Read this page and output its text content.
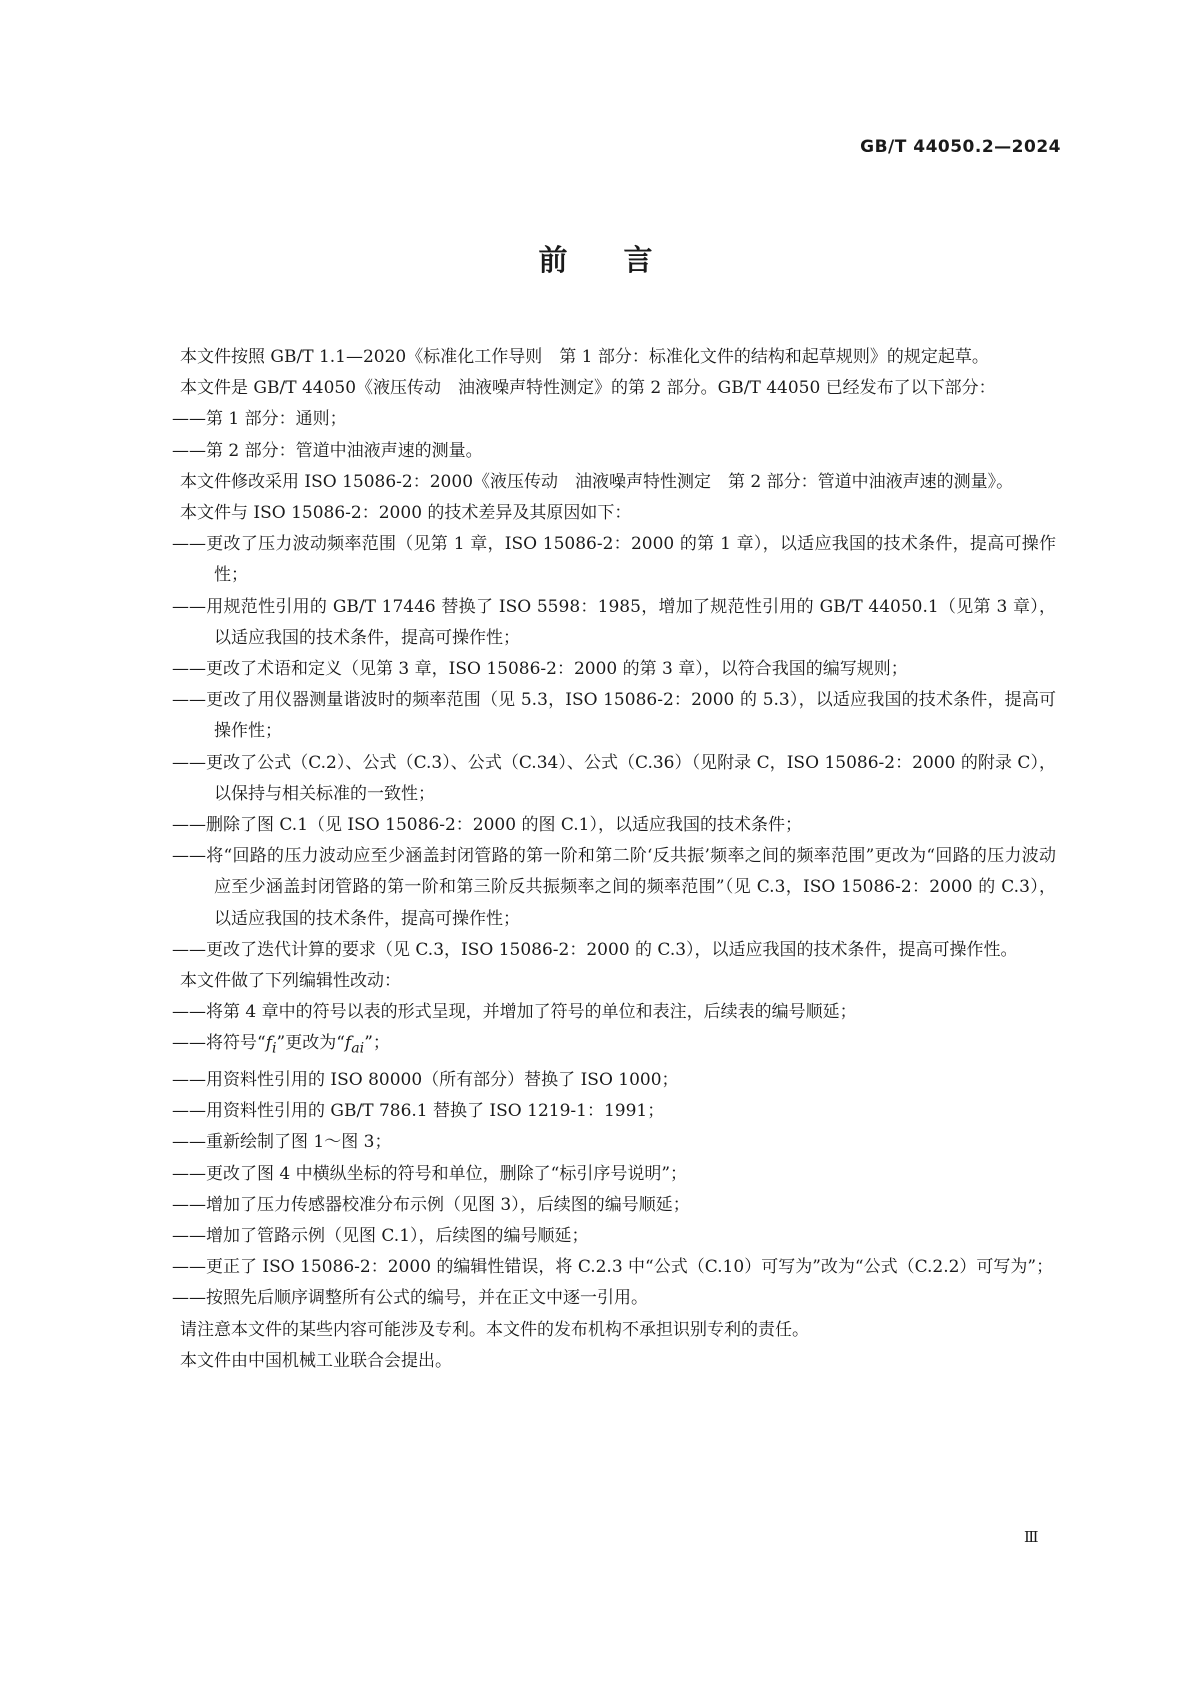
GB/T 44050.2—2024
前言

本文件按照 GB/T 1.1—2020《标准化工作导则　第 1 部分：标准化文件的结构和起草规则》的规定起草。

本文件是 GB/T 44050《液压传动　油液噪声特性测定》的第 2 部分。GB/T 44050 已经发布了以下部分：

——第 1 部分：通则；

——第 2 部分：管道中油液声速的测量。

本文件修改采用 ISO 15086-2：2000《液压传动　油液噪声特性测定　第 2 部分：管道中油液声速的测量》。

本文件与 ISO 15086-2：2000 的技术差异及其原因如下：

——更改了压力波动频率范围（见第 1 章，ISO 15086-2：2000 的第 1 章），以适应我国的技术条件，提高可操作性；

——用规范性引用的 GB/T 17446 替换了 ISO 5598：1985，增加了规范性引用的 GB/T 44050.1（见第 3 章），以适应我国的技术条件，提高可操作性；

——更改了术语和定义（见第 3 章，ISO 15086-2：2000 的第 3 章），以符合我国的编写规则；

——更改了用仪器测量谐波时的频率范围（见 5.3，ISO 15086-2：2000 的 5.3），以适应我国的技术条件，提高可操作性；

——更改了公式（C.2）、公式（C.3）、公式（C.34）、公式（C.36）（见附录 C，ISO 15086-2：2000 的附录 C），以保持与相关标准的一致性；

——删除了图 C.1（见 ISO 15086-2：2000 的图 C.1），以适应我国的技术条件；

——将“回路的压力波动应至少涵盖封闭管路的第一阶和第二阶‘反共振’频率之间的频率范围”更改为“回路的压力波动应至少涵盖封闭管路的第一阶和第三阶反共振频率之间的频率范围”（见 C.3，ISO 15086-2：2000 的 C.3），以适应我国的技术条件，提高可操作性；

——更改了迭代计算的要求（见 C.3，ISO 15086-2：2000 的 C.3），以适应我国的技术条件，提高可操作性。

本文件做了下列编辑性改动：

——将第 4 章中的符号以表的形式呈现，并增加了符号的单位和表注，后续表的编号顺延；

——将符号“$f_i$”更改为“$f_{ai}$”；

——用资料性引用的 ISO 80000（所有部分）替换了 ISO 1000；

——用资料性引用的 GB/T 786.1 替换了 ISO 1219-1：1991；

——重新绘制了图 1～图 3；

——更改了图 4 中横纵坐标的符号和单位，删除了“标引序号说明”；

——增加了压力传感器校准分布示例（见图 3），后续图的编号顺延；

——增加了管路示例（见图 C.1），后续图的编号顺延；

——更正了 ISO 15086-2：2000 的编辑性错误，将 C.2.3 中“公式（C.10）可写为”改为“公式（C.2.2）可写为”；

——按照先后顺序调整所有公式的编号，并在正文中逐一引用。

请注意本文件的某些内容可能涉及专利。本文件的发布机构不承担识别专利的责任。

本文件由中国机械工业联合会提出。

Ⅲ
